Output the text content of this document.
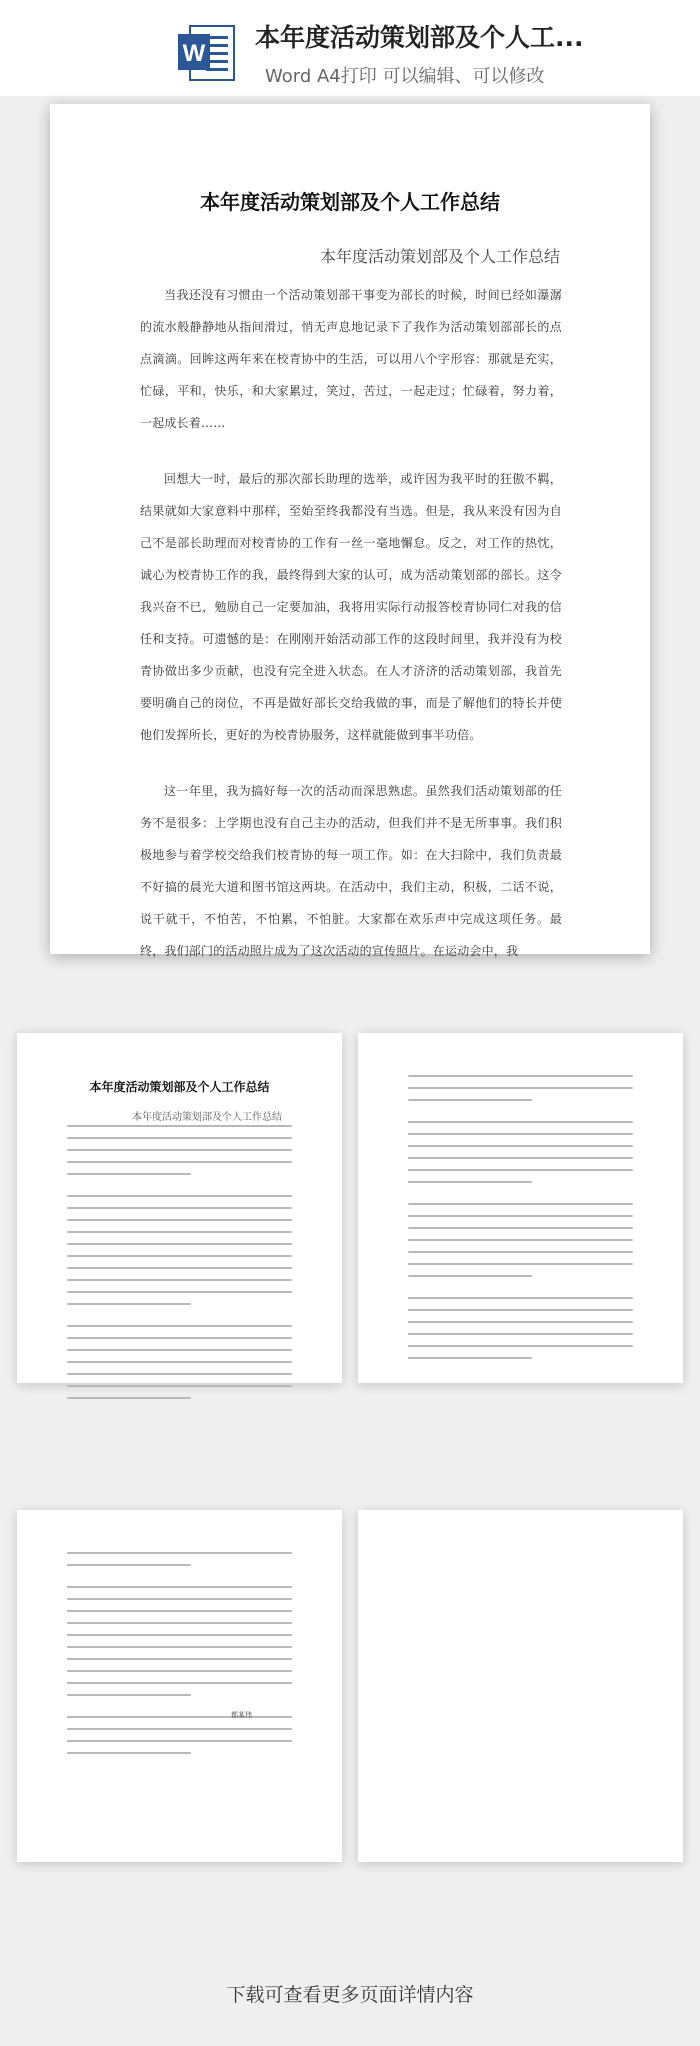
W
本年度活动策划部及个人工...
Word A4打印 可以编辑、可以修改
本年度活动策划部及个人工作总结
本年度活动策划部及个人工作总结

当我还没有习惯由一个活动策划部干事变为部长的时候，时间已经如瀑潺的流水般静静地从指间滑过，悄无声息地记录下了我作为活动策划部部长的点点滴滴。回眸这两年来在校青协中的生活，可以用八个字形容：那就是充实，忙碌，平和，快乐，和大家累过，笑过，苦过，一起走过；忙碌着，努力着，一起成长着……

回想大一时，最后的那次部长助理的选举，或许因为我平时的狂傲不羁，结果就如大家意料中那样，至始至终我都没有当选。但是，我从来没有因为自己不是部长助理而对校青协的工作有一丝一毫地懈怠。反之，对工作的热忱，诚心为校青协工作的我，最终得到大家的认可，成为活动策划部的部长。这令我兴奋不已，勉励自己一定要加油，我将用实际行动报答校青协同仁对我的信任和支持。可遗憾的是：在刚刚开始活动部工作的这段时间里，我并没有为校青协做出多少贡献，也没有完全进入状态。在人才济济的活动策划部，我首先要明确自己的岗位，不再是做好部长交给我做的事，而是了解他们的特长并使他们发挥所长，更好的为校青协服务，这样就能做到事半功倍。

这一年里，我为搞好每一次的活动而深思熟虑。虽然我们活动策划部的任务不是很多：上学期也没有自己主办的活动，但我们并不是无所事事。我们积极地参与着学校交给我们校青协的每一项工作。如：在大扫除中，我们负责最不好搞的晨光大道和图书馆这两块。在活动中，我们主动，积极，二话不说，说干就干，不怕苦，不怕累，不怕脏。大家都在欢乐声中完成这项任务。最终，我们部门的活动照片成为了这次活动的宣传照片。在运动会中，我

本年度活动策划部及个人工作总结
本年度活动策划部及个人工作总结
都某伟
下载可查看更多页面详情内容
